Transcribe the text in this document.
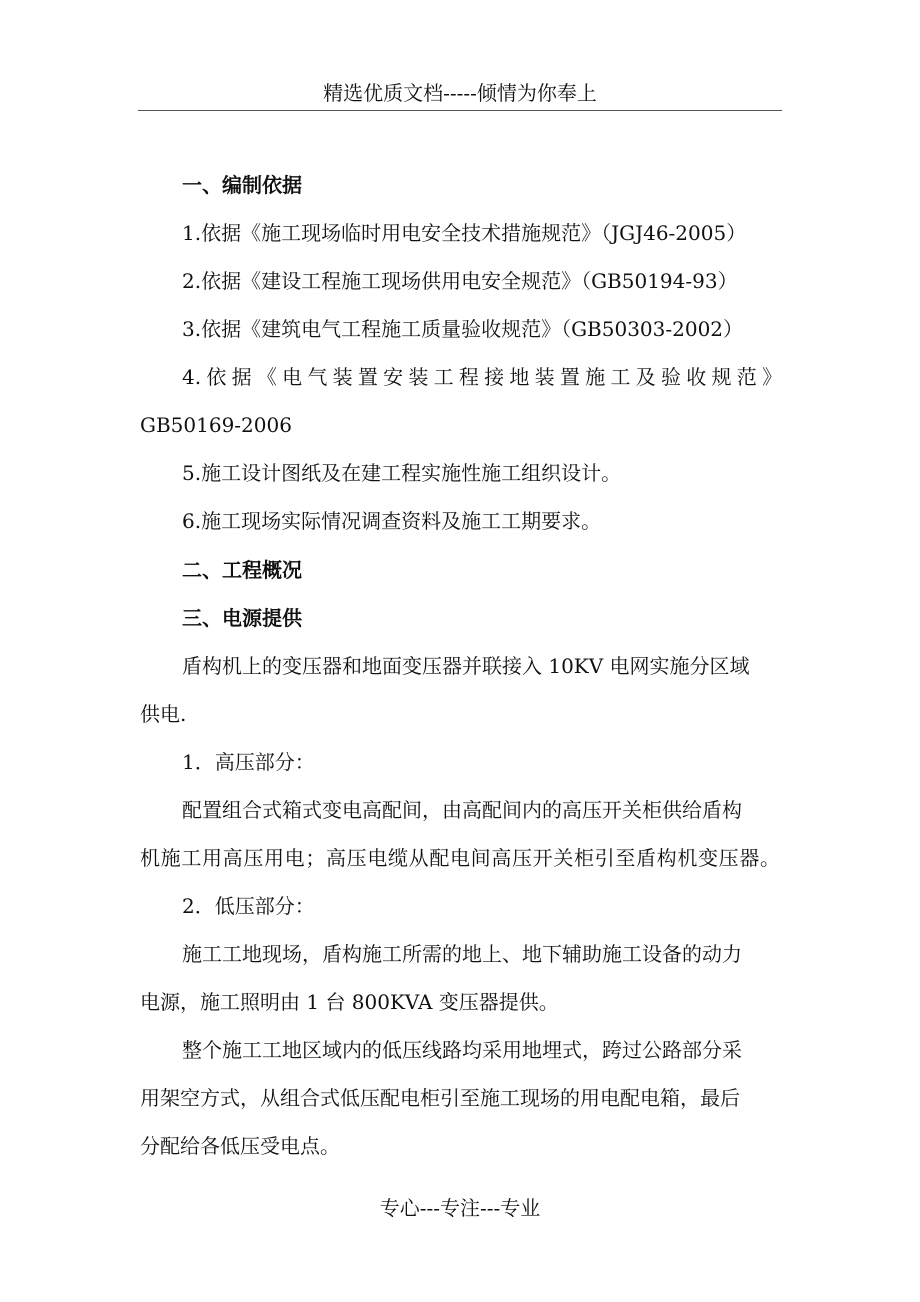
精选优质文档-----倾情为你奉上
一、编制依据
1.依据《施工现场临时用电安全技术措施规范》（JGJ46-2005）
2.依据《建设工程施工现场供用电安全规范》（GB50194-93）
3.依据《建筑电气工程施工质量验收规范》（GB50303-2002）
4.依据《电气装置安装工程接地装置施工及验收规范》
GB50169-2006
5.施工设计图纸及在建工程实施性施工组织设计。
6.施工现场实际情况调查资料及施工工期要求。
二、工程概况
三、电源提供
盾构机上的变压器和地面变压器并联接入 10KV 电网实施分区域
供电.
1．高压部分：
配置组合式箱式变电高配间，由高配间内的高压开关柜供给盾构
机施工用高压用电；高压电缆从配电间高压开关柜引至盾构机变压器。
2．低压部分：
施工工地现场，盾构施工所需的地上、地下辅助施工设备的动力
电源，施工照明由 1 台 800KVA 变压器提供。
整个施工工地区域内的低压线路均采用地埋式，跨过公路部分采
用架空方式，从组合式低压配电柜引至施工现场的用电配电箱，最后
分配给各低压受电点。
专心---专注---专业
